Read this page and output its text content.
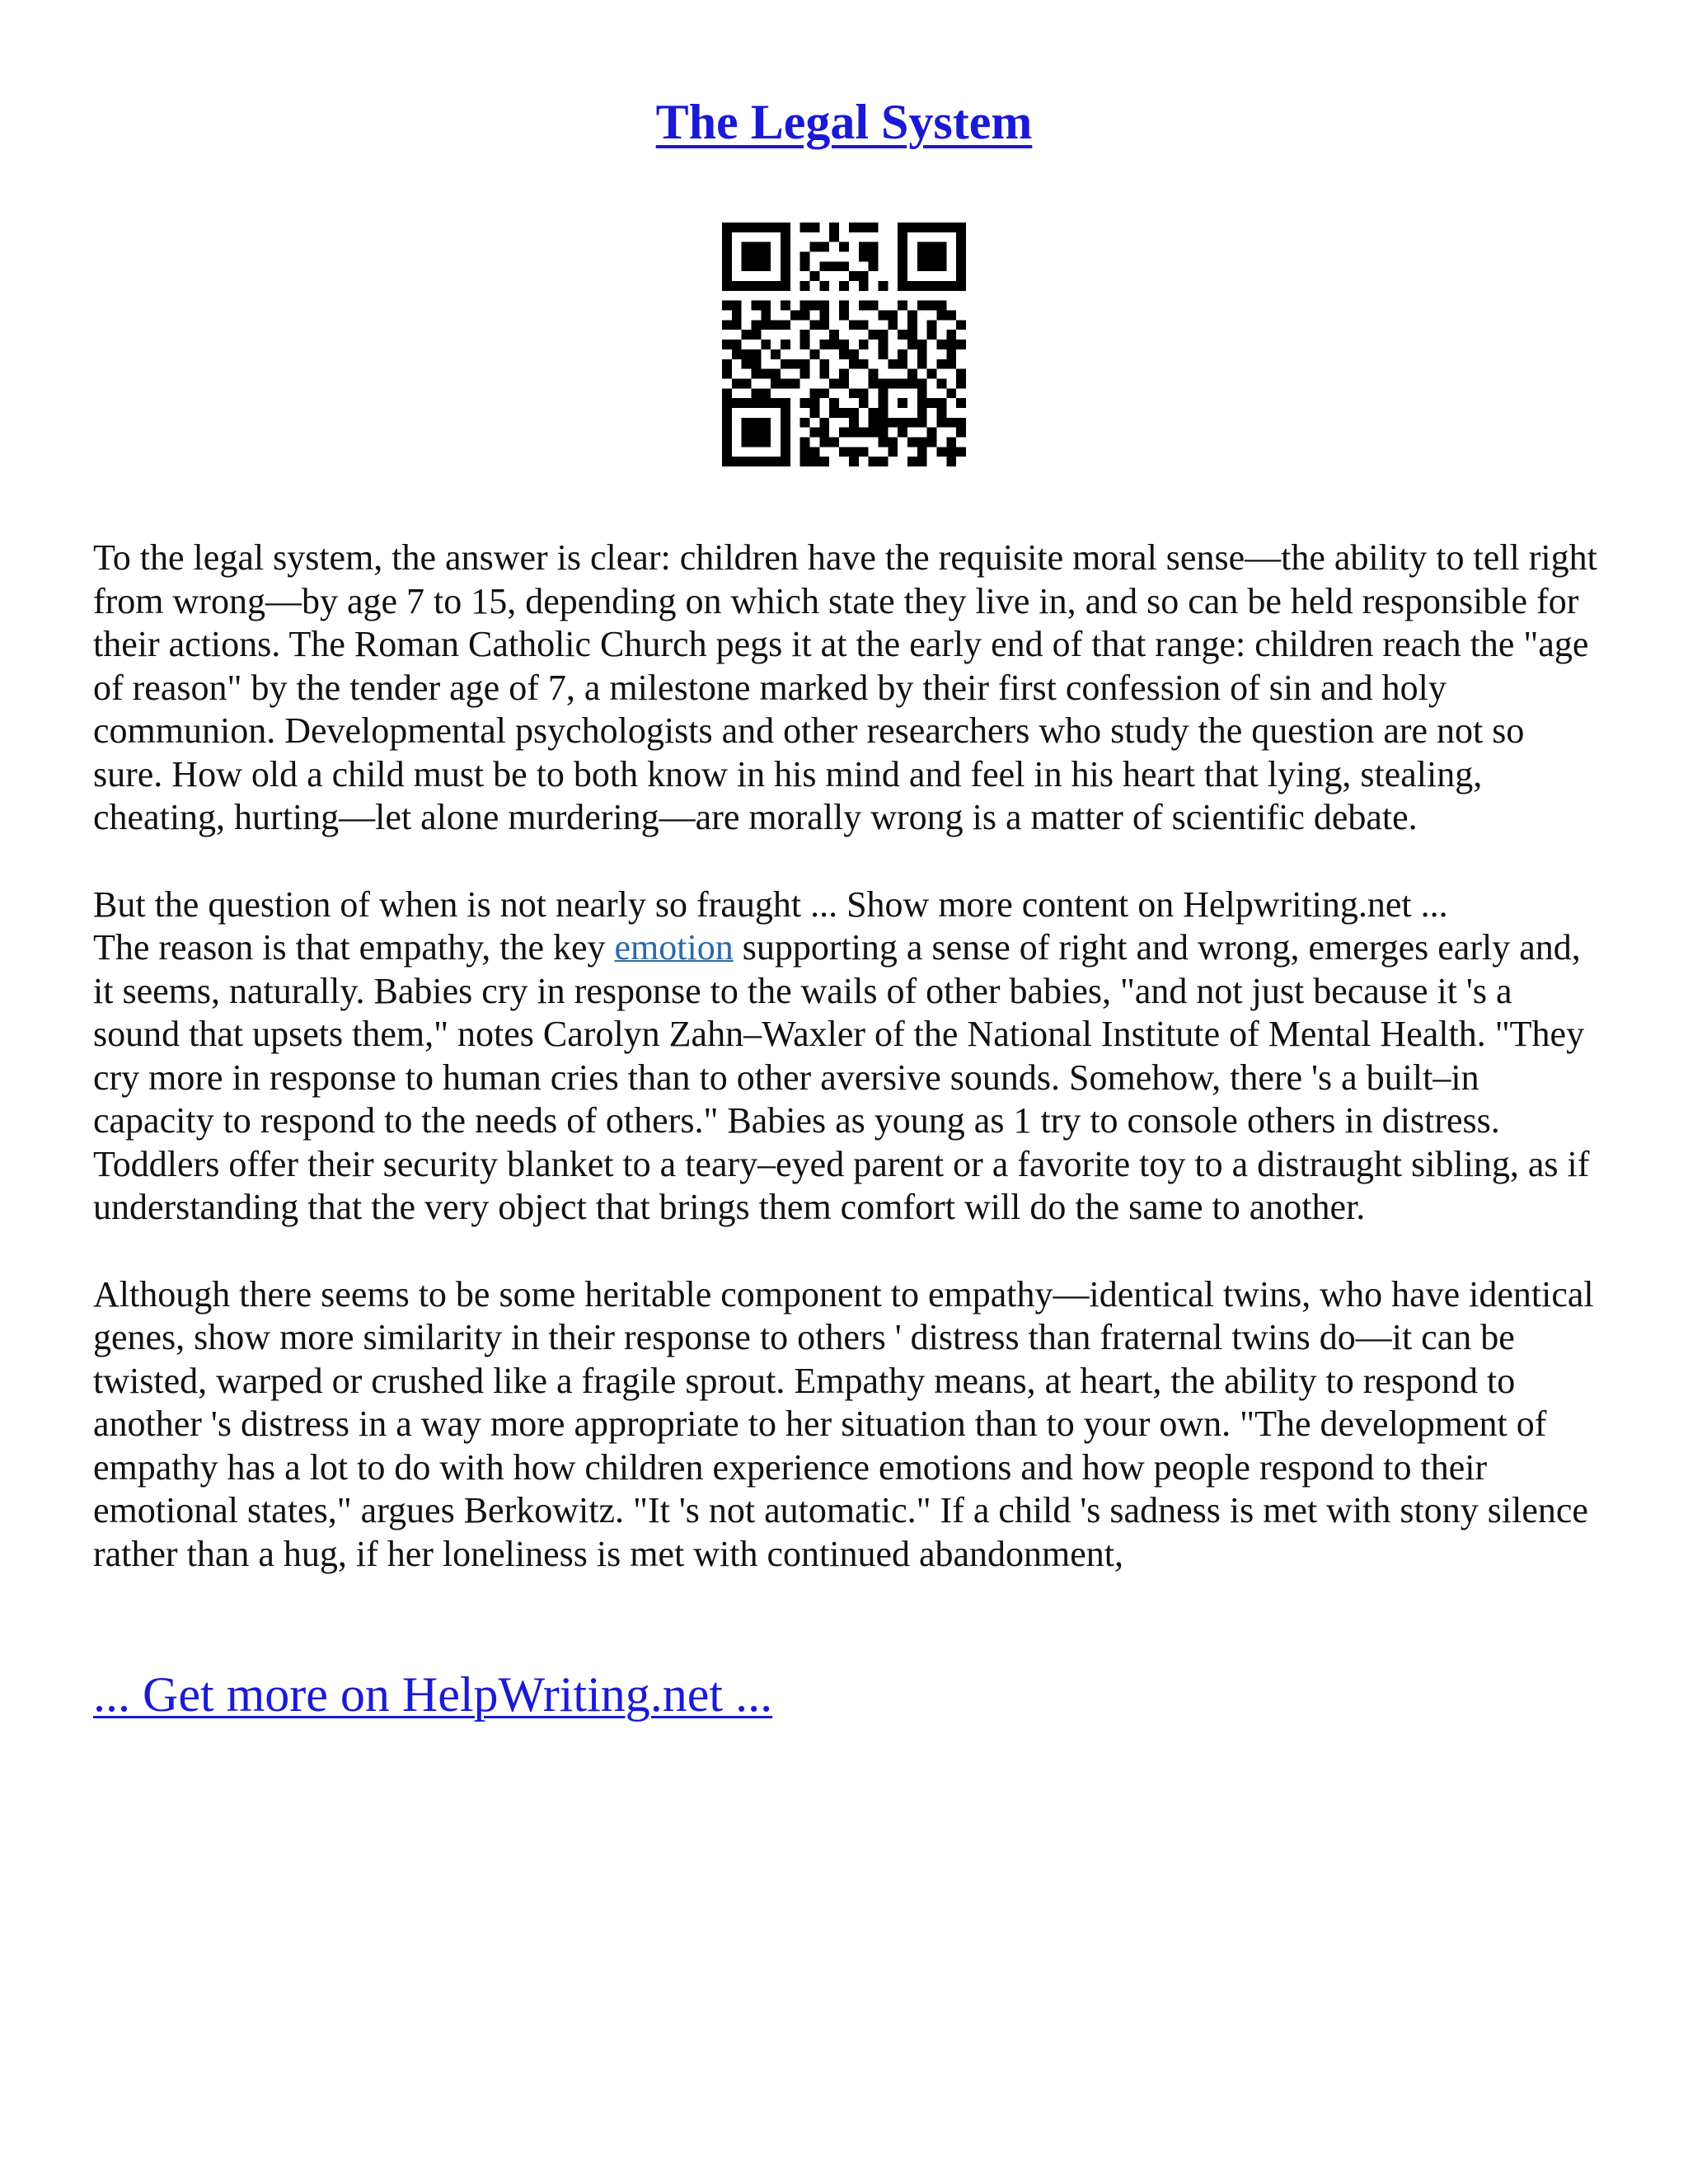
The Legal System

To the legal system, the answer is clear: children have the requisite moral sense—the ability to tell right from wrong—by age 7 to 15, depending on which state they live in, and so can be held responsible for their actions. The Roman Catholic Church pegs it at the early end of that range: children reach the "age of reason" by the tender age of 7, a milestone marked by their first confession of sin and holy communion. Developmental psychologists and other researchers who study the question are not so sure. How old a child must be to both know in his mind and feel in his heart that lying, stealing, cheating, hurting—let alone murdering—are morally wrong is a matter of scientific debate.

But the question of when is not nearly so fraught ... Show more content on Helpwriting.net ...
The reason is that empathy, the key emotion supporting a sense of right and wrong, emerges early and, it seems, naturally. Babies cry in response to the wails of other babies, "and not just because it 's a sound that upsets them," notes Carolyn Zahn–Waxler of the National Institute of Mental Health. "They cry more in response to human cries than to other aversive sounds. Somehow, there 's a built–in capacity to respond to the needs of others." Babies as young as 1 try to console others in distress. Toddlers offer their security blanket to a teary–eyed parent or a favorite toy to a distraught sibling, as if understanding that the very object that brings them comfort will do the same to another.

Although there seems to be some heritable component to empathy—identical twins, who have identical genes, show more similarity in their response to others ' distress than fraternal twins do—it can be twisted, warped or crushed like a fragile sprout. Empathy means, at heart, the ability to respond to another 's distress in a way more appropriate to her situation than to your own. "The development of empathy has a lot to do with how children experience emotions and how people respond to their emotional states," argues Berkowitz. "It 's not automatic." If a child 's sadness is met with stony silence rather than a hug, if her loneliness is met with continued abandonment,

... Get more on HelpWriting.net ...
